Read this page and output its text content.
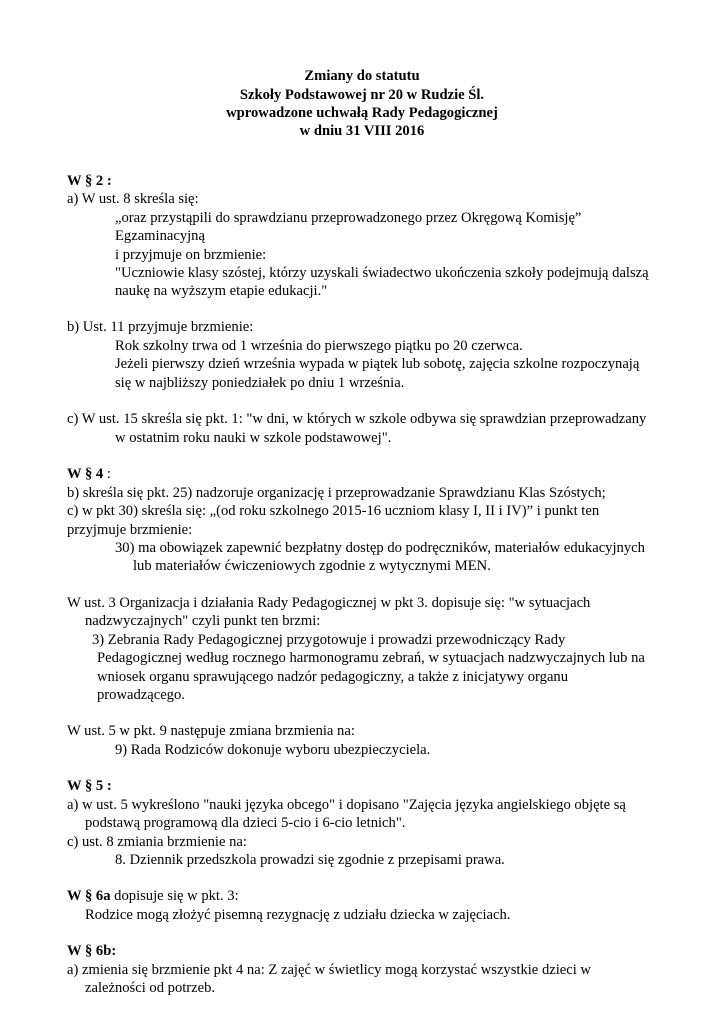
Zmiany do statutu
Szkoły Podstawowej nr 20 w Rudzie Śl.
wprowadzone uchwałą Rady Pedagogicznej
w dniu 31 VIII 2016
W § 2 :
a) W ust. 8 skreśla się:
„oraz przystąpili do sprawdzianu przeprowadzonego przez Okręgową Komisję”
Egzaminacyjną
i przyjmuje on brzmienie:
"Uczniowie klasy szóstej, którzy uzyskali świadectwo ukończenia szkoły podejmują dalszą
naukę na wyższym etapie edukacji."
b) Ust. 11 przyjmuje brzmienie:
Rok szkolny trwa od 1 września do pierwszego piątku po 20 czerwca.
Jeżeli pierwszy dzień września wypada w piątek lub sobotę, zajęcia szkolne rozpoczynają
się w najbliższy poniedziałek po dniu 1 września.
c) W ust. 15 skreśla się pkt. 1: "w dni, w których w szkole odbywa się sprawdzian przeprowadzany
w ostatnim roku nauki w szkole podstawowej".
W § 4 :
b) skreśla się pkt. 25) nadzoruje organizację i przeprowadzanie Sprawdzianu Klas Szóstych;
c) w pkt 30) skreśla się: „(od roku szkolnego 2015-16 uczniom klasy I, II i IV)” i punkt ten
przyjmuje brzmienie:
30) ma obowiązek zapewnić bezpłatny dostęp do podręczników, materiałów edukacyjnych
lub materiałów ćwiczeniowych zgodnie z wytycznymi MEN.
W ust. 3 Organizacja i działania Rady Pedagogicznej w pkt 3. dopisuje się: "w sytuacjach
nadzwyczajnych" czyli punkt ten brzmi:
3) Zebrania Rady Pedagogicznej przygotowuje i prowadzi przewodniczący Rady
Pedagogicznej według rocznego harmonogramu zebrań, w sytuacjach nadzwyczajnych lub na
wniosek organu sprawującego nadzór pedagogiczny, a także z inicjatywy organu
prowadzącego.
W ust. 5 w pkt. 9 następuje zmiana brzmienia na:
9) Rada Rodziców dokonuje wyboru ubezpieczyciela.
W § 5 :
a) w ust. 5 wykreślono "nauki języka obcego" i dopisano "Zajęcia języka angielskiego objęte są
podstawą programową dla dzieci 5-cio i 6-cio letnich".
c) ust. 8 zmiania brzmienie na:
8. Dziennik przedszkola prowadzi się zgodnie z przepisami prawa.
W § 6a dopisuje się w pkt. 3:
Rodzice mogą złożyć pisemną rezygnację z udziału dziecka w zajęciach.
W § 6b:
a) zmienia się brzmienie pkt 4 na: Z zajęć w świetlicy mogą korzystać wszystkie dzieci w
zależności od potrzeb.
